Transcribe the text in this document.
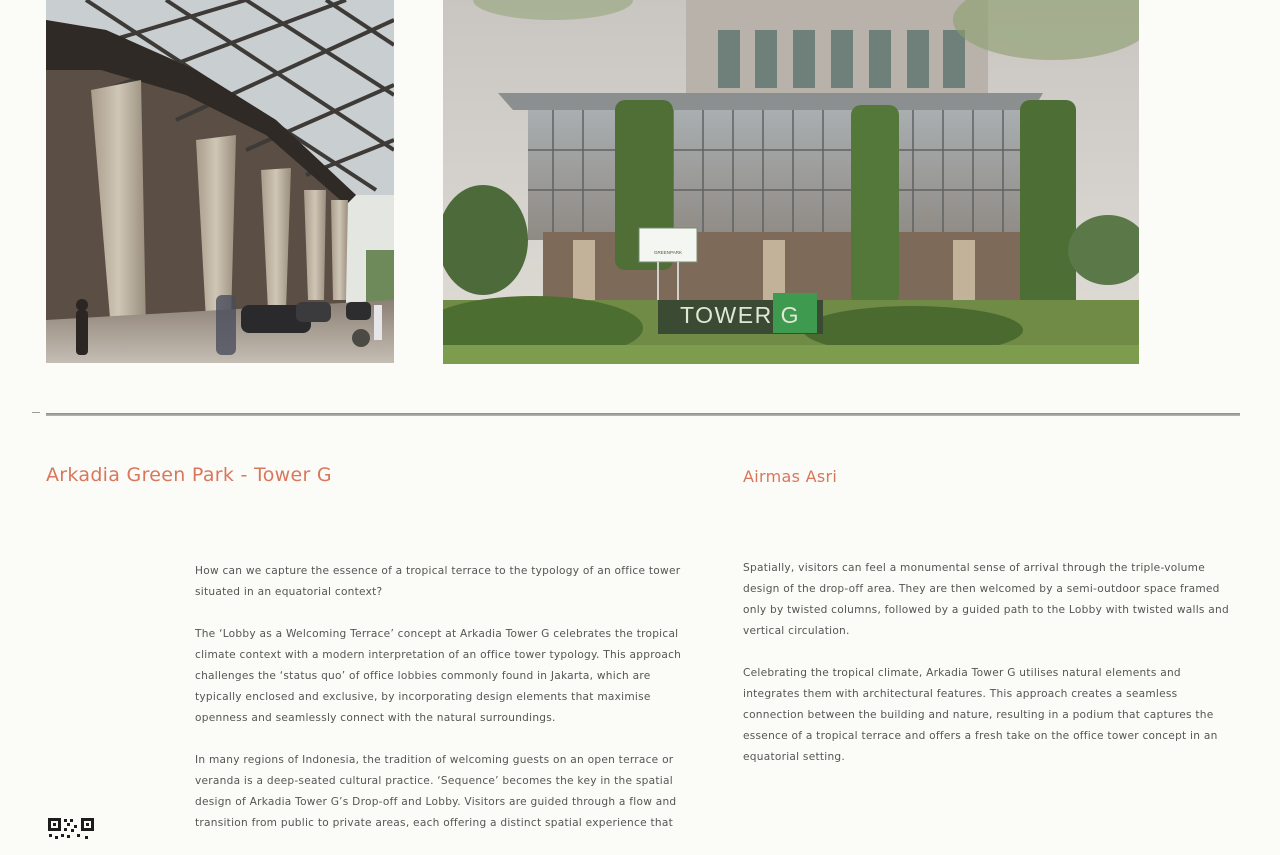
GREENPARK
TOWER G
Arkadia Green Park - Tower G	Airmas Asri

How can we capture the essence of a tropical terrace to the typology of an office tower situated in an equatorial context?

The ‘Lobby as a Welcoming Terrace’ concept at Arkadia Tower G celebrates the tropical climate context with a modern interpretation of an office tower typology. This approach challenges the ‘status quo’ of office lobbies commonly found in Jakarta, which are typically enclosed and exclusive, by incorporating design elements that maximise openness and seamlessly connect with the natural surroundings.

In many regions of Indonesia, the tradition of welcoming guests on an open terrace or veranda is a deep-seated cultural practice. ‘Sequence’ becomes the key in the spatial design of Arkadia Tower G’s Drop-off and Lobby. Visitors are guided through a flow and transition from public to private areas, each offering a distinct spatial experience that

Spatially, visitors can feel a monumental sense of arrival through the triple-volume design of the drop-off area. They are then welcomed by a semi-outdoor space framed only by twisted columns, followed by a guided path to the Lobby with twisted walls and vertical circulation.

Celebrating the tropical climate, Arkadia Tower G utilises natural elements and integrates them with architectural features. This approach creates a seamless connection between the building and nature, resulting in a podium that captures the essence of a tropical terrace and offers a fresh take on the office tower concept in an equatorial setting.
